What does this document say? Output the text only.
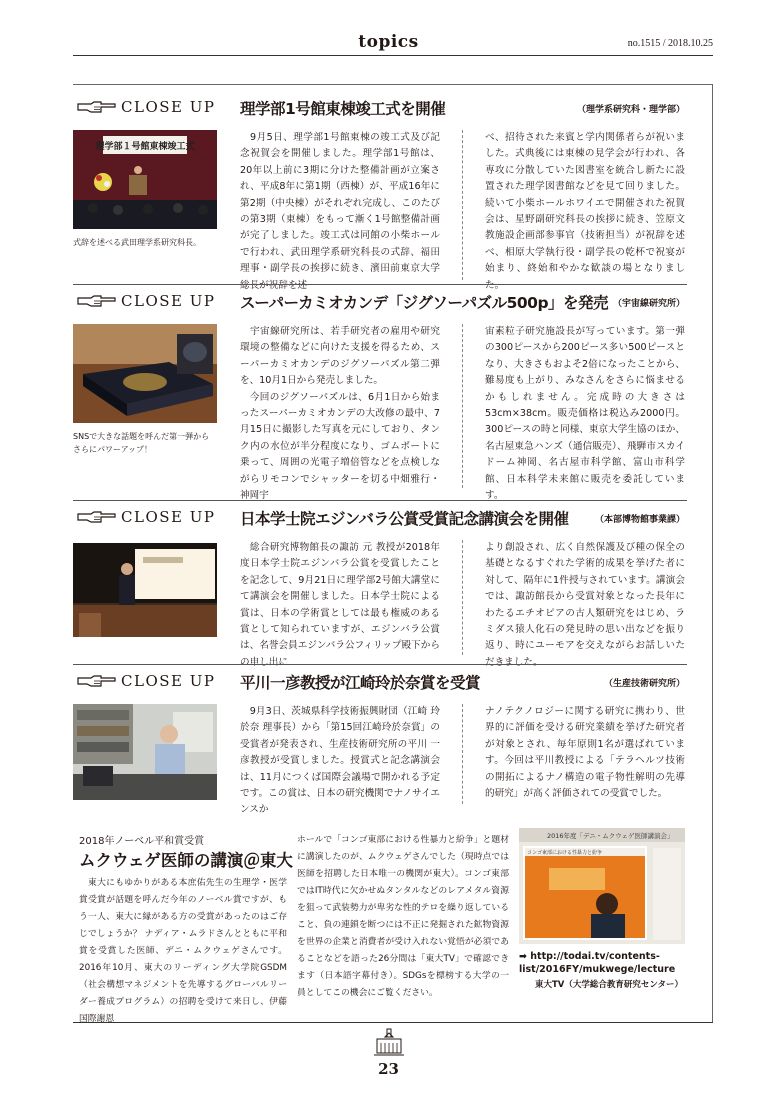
topics	no.1515 / 2018.10.25
CLOSE UP 理学部1号館東棟竣工式を開催	（理学系研究科・理学部）
理学部１号館東棟竣工式
式辞を述べる武田理学系研究科長。
　9月5日、理学部1号館東棟の竣工式及び記念祝賀会を開催しました。理学部1号館は、20年以上前に3期に分けた整備計画が立案され、平成8年に第1期（西棟）が、平成16年に第2期（中央棟）がそれぞれ完成し、このたびの第3期（東棟）をもって漸く1号館整備計画が完了しました。竣工式は同館の小柴ホールで行われ、武田理学系研究科長の式辞、福田理事・副学長の挨拶に続き、濱田前東京大学総長が祝辞を述
べ、招待された来賓と学内関係者らが祝いました。式典後には東棟の見学会が行われ、各専攻に分散していた図書室を統合し新たに設置された理学図書館などを見て回りました。続いて小柴ホールホワイエで開催された祝賀会は、星野副研究科長の挨拶に続き、笠原文教施設企画部参事官（技術担当）が祝辞を述べ、相原大学執行役・副学長の乾杯で祝宴が始まり、終始和やかな歓談の場となりました。
CLOSE UP スーパーカミオカンデ「ジグソーパズル500p」を発売 （宇宙線研究所）
SNSで大きな話題を呼んだ第一弾からさらにパワーアップ！
　宇宙線研究所は、若手研究者の雇用や研究環境の整備などに向けた支援を得るため、スーパーカミオカンデのジグソーパズル第二弾を、10月1日から発売しました。
　今回のジグソーパズルは、6月1日から始まったスーパーカミオカンデの大改修の最中、7月15日に撮影した写真を元にしており、タンク内の水位が半分程度になり、ゴムボートに乗って、周囲の光電子増倍管などを点検しながらリモコンでシャッターを切る中畑雅行・神岡宇
宙素粒子研究施設長が写っています。第一弾の300ピースから200ピース多い500ピースとなり、大きさもおよそ2倍になったことから、難易度も上がり、みなさんをさらに悩ませるかもしれません。完成時の大きさは53cm×38cm。販売価格は税込み2000円。300ピースの時と同様、東京大学生協のほか、名古屋東急ハンズ（通信販売）、飛騨市スカイドーム神岡、名古屋市科学館、富山市科学館、日本科学未来館に販売を委託しています。
CLOSE UP 日本学士院エジンバラ公賞受賞記念講演会を開催	（本部博物館事業課）
　総合研究博物館長の諏訪 元 教授が2018年度日本学士院エジンバラ公賞を受賞したことを記念して、9月21日に理学部2号館大講堂にて講演会を開催しました。日本学士院による賞は、日本の学術賞としては最も権威のある賞として知られていますが、エジンバラ公賞は、名誉会員エジンバラ公フィリップ殿下からの申し出に
より創設され、広く自然保護及び種の保全の基礎となるすぐれた学術的成果を挙げた者に対して、隔年に1件授与されています。講演会では、諏訪館長から受賞対象となった長年にわたるエチオピアの古人類研究をはじめ、ラミダス猿人化石の発見時の思い出などを振り返り、時にユーモアを交えながらお話しいただきました。
CLOSE UP 平川一彦教授が江崎玲於奈賞を受賞	（生産技術研究所）
　9月3日、茨城県科学技術振興財団（江崎 玲於奈 理事長）から「第15回江崎玲於奈賞」の受賞者が発表され、生産技術研究所の平川 一彦教授が受賞しました。授賞式と記念講演会は、11月につくば国際会議場で開かれる予定です。この賞は、日本の研究機関でナノサイエンスか
ナノテクノロジーに関する研究に携わり、世界的に評価を受ける研究業績を挙げた研究者が対象とされ、毎年原則1名が選ばれています。今回は平川教授による「テラヘルツ技術の開拓によるナノ構造の電子物性解明の先導的研究」が高く評価されての受賞でした。
2018年ノーベル平和賞受賞
ムクウェゲ医師の講演＠東大
　東大にもゆかりがある本庶佑先生の生理学・医学賞受賞が話題を呼んだ今年のノーベル賞ですが、もう一人、東大に縁がある方の受賞があったのはご存じでしょうか？ ナディア・ムラドさんとともに平和賞を受賞した医師、デニ・ムクウェゲさんです。2016年10月、東大のリーディング大学院GSDM（社会構想マネジメントを先導するグローバルリーダー養成プログラム）の招聘を受けて来日し、伊藤国際謝恩
ホールで「コンゴ東部における性暴力と紛争」と題材に講演したのが、ムクウェゲさんでした（現時点では医師を招聘した日本唯一の機関が東大）。コンゴ東部ではIT時代に欠かせぬタンタルなどのレアメタル資源を狙って武装勢力が卑劣な性的テロを繰り返していること、負の連鎖を断つには不正に発掘された鉱物資源を世界の企業と消費者が受け入れない覚悟が必須であることなどを語った26分間は「東大TV」で確認できます（日本語字幕付き）。SDGsを標榜する大学の一員としてこの機会にご覧ください。
2016年度「デニ・ムクウェゲ医師講演会」
コンゴ東部における性暴力と紛争
➡ http://todai.tv/contents-list/2016FY/mukwege/lecture
東大TV（大学総合教育研究センター）
23
